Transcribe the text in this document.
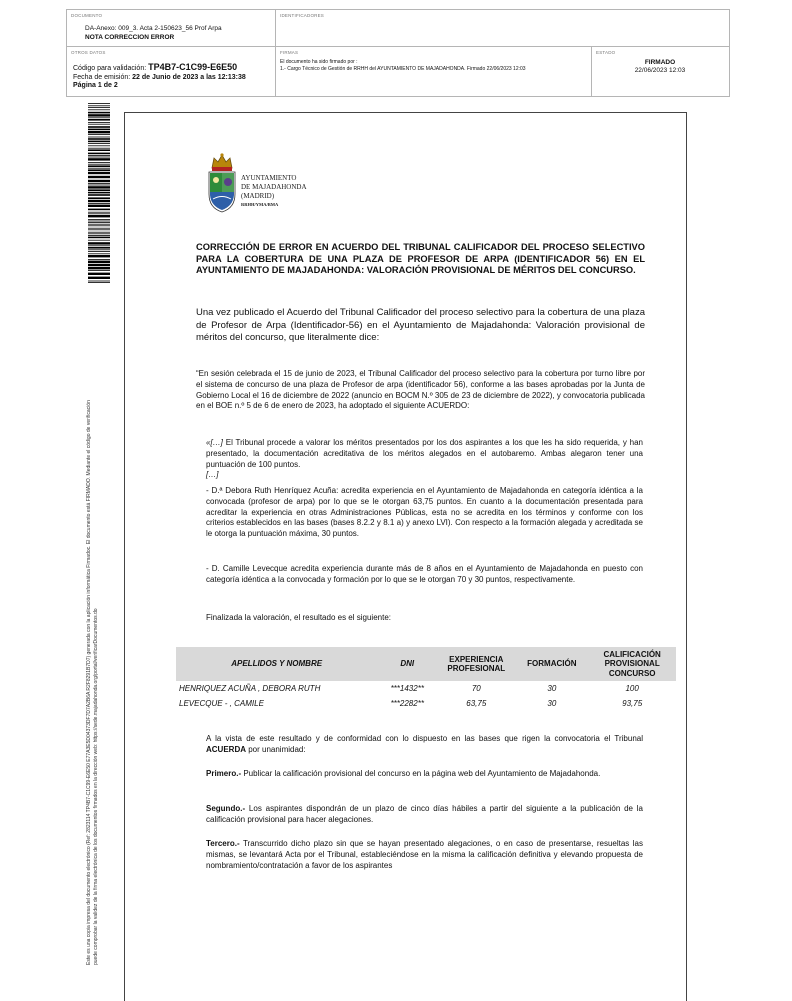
DOCUMENTO
DA-Anexo: 009_3. Acta 2-150623_56 Prof Arpa
NOTA CORRECCION ERROR
IDENTIFICADORES
OTROS DATOS
Código para validación: TP4B7-C1C99-E6E50
Fecha de emisión: 22 de Junio de 2023 a las 12:13:38
Página 1 de 2
FIRMAS
El documento ha sido firmado por :
1.- Cargo Técnico de Gestión de RRHH del AYUNTAMIENTO DE MAJADAHONDA. Firmado 22/06/2023 12:03
ESTADO
FIRMADO
22/06/2023 12:03
Este es una copia impresa del documento electrónico (Ref: 2823114 TP4B7-C1C99-E6E50 E77A3E5D04373DF7D7A2B6A R2F8291B7D7) generada con la aplicación informática Firmadoc. El documento está FIRMADO. Mediante el código de verificación puede comprobar la validez de la firma electrónica de los documentos firmados en la dirección web: https://sede.majadahonda.org/portal/verificarDocumentos.do
AYUNTAMIENTO
DE MAJADAHONDA
(MADRID)
RRHH/YMA/BMA
CORRECCIÓN DE ERROR EN ACUERDO DEL TRIBUNAL CALIFICADOR DEL PROCESO SELECTIVO PARA LA COBERTURA DE UNA PLAZA DE PROFESOR DE ARPA (IDENTIFICADOR 56) EN EL AYUNTAMIENTO DE MAJADAHONDA: VALORACIÓN PROVISIONAL DE MÉRITOS DEL CONCURSO.
Una vez publicado el Acuerdo del Tribunal Calificador del proceso selectivo para la cobertura de una plaza de Profesor de Arpa (Identificador-56) en el Ayuntamiento de Majadahonda: Valoración provisional de méritos del concurso, que literalmente dice:
“En sesión celebrada el 15 de junio de 2023, el Tribunal Calificador del proceso selectivo para la cobertura por turno libre por el sistema de concurso de una plaza de Profesor de arpa (identificador 56), conforme a las bases aprobadas por la Junta de Gobierno Local el 16 de diciembre de 2022 (anuncio en BOCM N.º 305 de 23 de diciembre de 2022), y convocatoria publicada en el BOE n.º 5 de 6 de enero de 2023, ha adoptado el siguiente ACUERDO:
«[…] El Tribunal procede a valorar los méritos presentados por los dos aspirantes a los que les ha sido requerida, y han presentado, la documentación acreditativa de los méritos alegados en el autobaremo. Ambas alegaron tener una puntuación de 100 puntos.
[…]
- D.ª Debora Ruth Henríquez Acuña: acredita experiencia en el Ayuntamiento de Majadahonda en categoría idéntica a la convocada (profesor de arpa) por lo que se le otorgan 63,75 puntos. En cuanto a la documentación presentada para acreditar la experiencia en otras Administraciones Públicas, esta no se acredita en los términos y conforme con los criterios establecidos en las bases (bases 8.2.2 y 8.1 a) y anexo LVI). Con respecto a la formación alegada y acreditada se le otorga la puntuación máxima, 30 puntos.
- D. Camille Levecque acredita experiencia durante más de 8 años en el Ayuntamiento de Majadahonda en puesto con categoría idéntica a la convocada y formación por lo que se le otorgan 70 y 30 puntos, respectivamente.
Finalizada la valoración, el resultado es el siguiente:
APELLIDOS Y NOMBRE	DNI	EXPERIENCIA PROFESIONAL	FORMACIÓN	CALIFICACIÓN PROVISIONAL CONCURSO
HENRIQUEZ ACUÑA , DEBORA RUTH	***1432**	70	30	100
LEVECQUE - , CAMILE	***2282**	63,75	30	93,75
A la vista de este resultado y de conformidad con lo dispuesto en las bases que rigen la convocatoria el Tribunal ACUERDA por unanimidad:
Primero.- Publicar la calificación provisional del concurso en la página web del Ayuntamiento de Majadahonda.
Segundo.- Los aspirantes dispondrán de un plazo de cinco días hábiles a partir del siguiente a la publicación de la calificación provisional para hacer alegaciones.
Tercero.- Transcurrido dicho plazo sin que se hayan presentado alegaciones, o en caso de presentarse, resueltas las mismas, se levantará Acta por el Tribunal, estableciéndose en la misma la calificación definitiva y elevando propuesta de nombramiento/contratación a favor de los aspirantes
